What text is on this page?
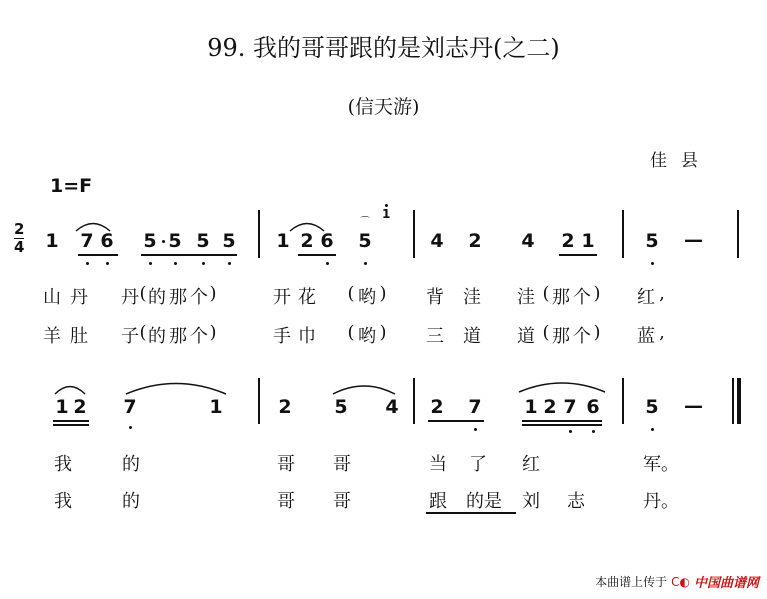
99. 我的哥哥跟的是刘志丹(之二)
(信天游)
佳县
1=F
2
4 1 7 6 5 5 5 5 1 2 6 5
⌒
1
4 2 4 2 1	5 —
山 丹 丹 ( 的 那 个 )	开 花 ( 哟 ) 背 洼 洼 ( 那 个 ) 红 ,
羊 肚 子 ( 的 那 个 )	手 巾 ( 哟 ) 三 道 道 ( 那 个 ) 蓝 ,
1 2 7	1	2 5 4 2 7 1 2 7 6 5 —
我	的	哥 哥	当 了 红	军。
我	的	哥 哥	跟 的是 刘 志	丹。
本曲谱上传于 C◐ 中国曲谱网
